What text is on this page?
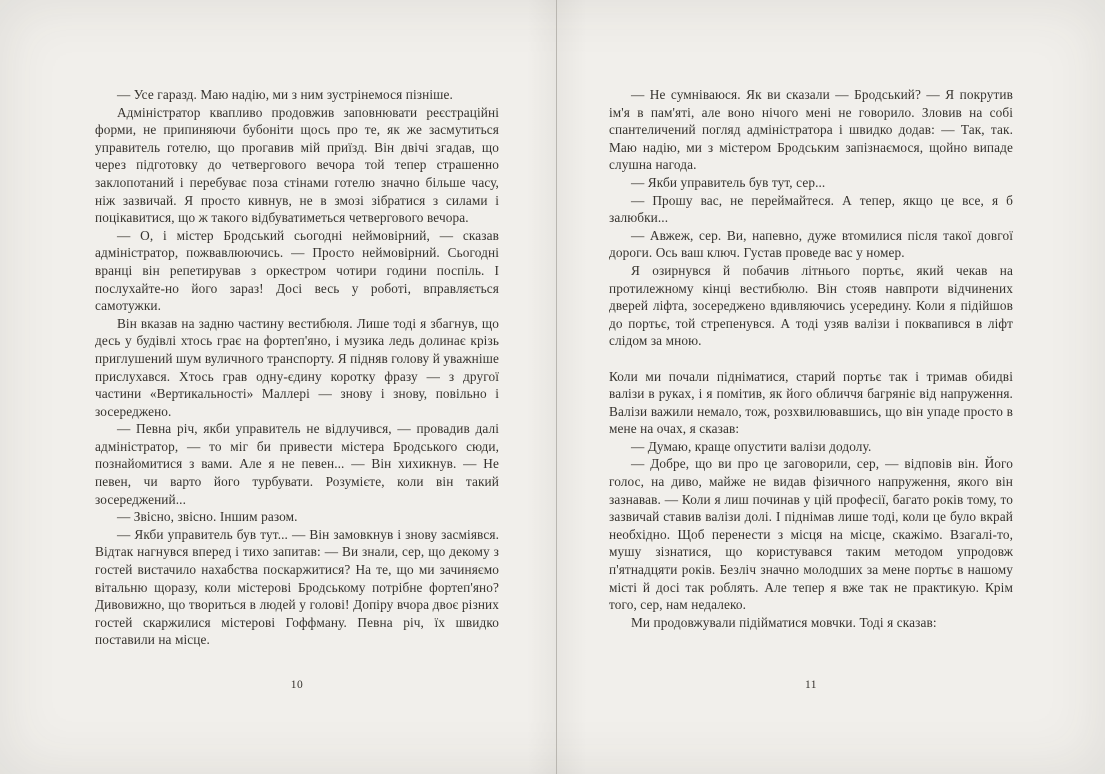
— Усе гаразд. Маю надію, ми з ним зустрінемося пізніше.

Адміністратор квапливо продовжив заповнювати реєстраційні форми, не припиняючи бубоніти щось про те, як же засмутиться управитель готелю, що прогавив мій приїзд. Він двічі згадав, що через підготовку до четвергового вечора той тепер страшенно заклопотаний і перебуває поза стінами готелю значно більше часу, ніж зазвичай. Я просто кивнув, не в змозі зібратися з силами і поцікавитися, що ж такого відбуватиметься четвергового вечора.

— О, і містер Бродський сьогодні неймовірний, — сказав адміністратор, пожвавлюючись. — Просто неймовірний. Сьогодні вранці він репетирував з оркестром чотири години поспіль. І послухайте-но його зараз! Досі весь у роботі, вправляється самотужки.

Він вказав на задню частину вестибюля. Лише тоді я збагнув, що десь у будівлі хтось грає на фортеп'яно, і музика ледь долинає крізь приглушений шум вуличного транспорту. Я підняв голову й уважніше прислухався. Хтось грав одну-єдину коротку фразу — з другої частини «Вертикальності» Маллері — знову і знову, повільно і зосереджено.

— Певна річ, якби управитель не відлучився, — провадив далі адміністратор, — то міг би привести містера Бродського сюди, познайомитися з вами. Але я не певен... — Він хихикнув. — Не певен, чи варто його турбувати. Розумієте, коли він такий зосереджений...

— Звісно, звісно. Іншим разом.

— Якби управитель був тут... — Він замовкнув і знову засміявся. Відтак нагнувся вперед і тихо запитав: — Ви знали, сер, що декому з гостей вистачило нахабства поскаржитися? На те, що ми зачиняємо вітальню щоразу, коли містерові Бродському потрібне фортеп'яно? Дивовижно, що твориться в людей у голові! Допіру вчора двоє різних гостей скаржилися містерові Гоффману. Певна річ, їх швидко поставили на місце.

10

— Не сумніваюся. Як ви сказали — Бродський? — Я покрутив ім'я в пам'яті, але воно нічого мені не говорило. Зловив на собі спантеличений погляд адміністратора і швидко додав: — Так, так. Маю надію, ми з містером Бродським запізнаємося, щойно випаде слушна нагода.

— Якби управитель був тут, сер...

— Прошу вас, не переймайтеся. А тепер, якщо це все, я б залюбки...

— Авжеж, сер. Ви, напевно, дуже втомилися після такої довгої дороги. Ось ваш ключ. Густав проведе вас у номер.

Я озирнувся й побачив літнього портьє, який чекав на протилежному кінці вестибюлю. Він стояв навпроти відчинених дверей ліфта, зосереджено вдивляючись усередину. Коли я підійшов до портьє, той стрепенувся. А тоді узяв валізи і поквапився в ліфт слідом за мною.

Коли ми почали підніматися, старий портьє так і тримав обидві валізи в руках, і я помітив, як його обличчя багряніє від напруження. Валізи важили немало, тож, розхвилювавшись, що він упаде просто в мене на очах, я сказав:

— Думаю, краще опустити валізи додолу.

— Добре, що ви про це заговорили, сер, — відповів він. Його голос, на диво, майже не видав фізичного напруження, якого він зазнавав. — Коли я лиш починав у цій професії, багато років тому, то зазвичай ставив валізи долі. І піднімав лише тоді, коли це було вкрай необхідно. Щоб перенести з місця на місце, скажімо. Взагалі-то, мушу зізнатися, що користувався таким методом упродовж п'ятнадцяти років. Безліч значно молодших за мене портьє в нашому місті й досі так роблять. Але тепер я вже так не практикую. Крім того, сер, нам недалеко.

Ми продовжували підійматися мовчки. Тоді я сказав:

11
